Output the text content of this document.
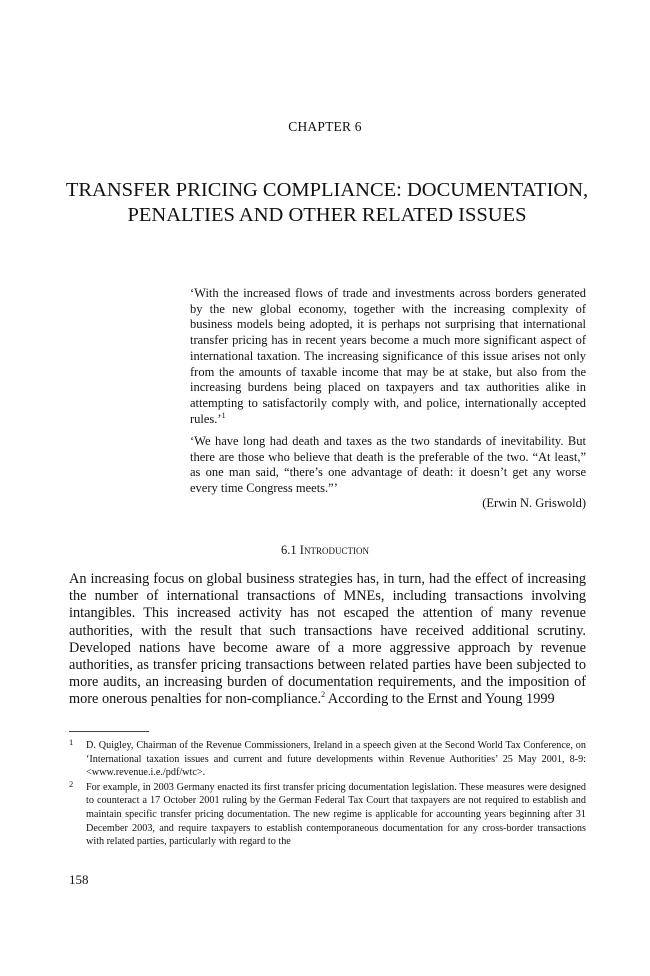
CHAPTER 6
TRANSFER PRICING COMPLIANCE: DOCUMENTATION,
PENALTIES AND OTHER RELATED ISSUES
‘With the increased flows of trade and investments across borders generated by the new global economy, together with the increasing complexity of business models being adopted, it is perhaps not surprising that international transfer pricing has in recent years become a much more significant aspect of international taxation. The increasing significance of this issue arises not only from the amounts of taxable income that may be at stake, but also from the increasing burdens being placed on taxpayers and tax authorities alike in attempting to satisfactorily comply with, and police, internationally accepted rules.’$^1$
‘We have long had death and taxes as the two standards of inevitability. But there are those who believe that death is the preferable of the two. “At least,” as one man said, “there’s one advantage of death: it doesn’t get any worse every time Congress meets.”’
(Erwin N. Griswold)
6.1 Introduction
An increasing focus on global business strategies has, in turn, had the effect of increasing the number of international transactions of MNEs, including transactions involving intangibles. This increased activity has not escaped the attention of many revenue authorities, with the result that such transactions have received additional scrutiny. Developed nations have become aware of a more aggressive approach by revenue authorities, as transfer pricing transactions between related parties have been subjected to more audits, an increasing burden of documentation requirements, and the imposition of more onerous penalties for non-compliance.$^2$ According to the Ernst and Young 1999
1 D. Quigley, Chairman of the Revenue Commissioners, Ireland in a speech given at the Second World Tax Conference, on ‘International taxation issues and current and future developments within Revenue Authorities’ 25 May 2001, 8-9: <www.revenue.i.e./pdf/wtc>.
2 For example, in 2003 Germany enacted its first transfer pricing documentation legislation. These measures were designed to counteract a 17 October 2001 ruling by the German Federal Tax Court that taxpayers are not required to establish and maintain specific transfer pricing documentation. The new regime is applicable for accounting years beginning after 31 December 2003, and require taxpayers to establish contemporaneous documentation for any cross-border transactions with related parties, particularly with regard to the
158
